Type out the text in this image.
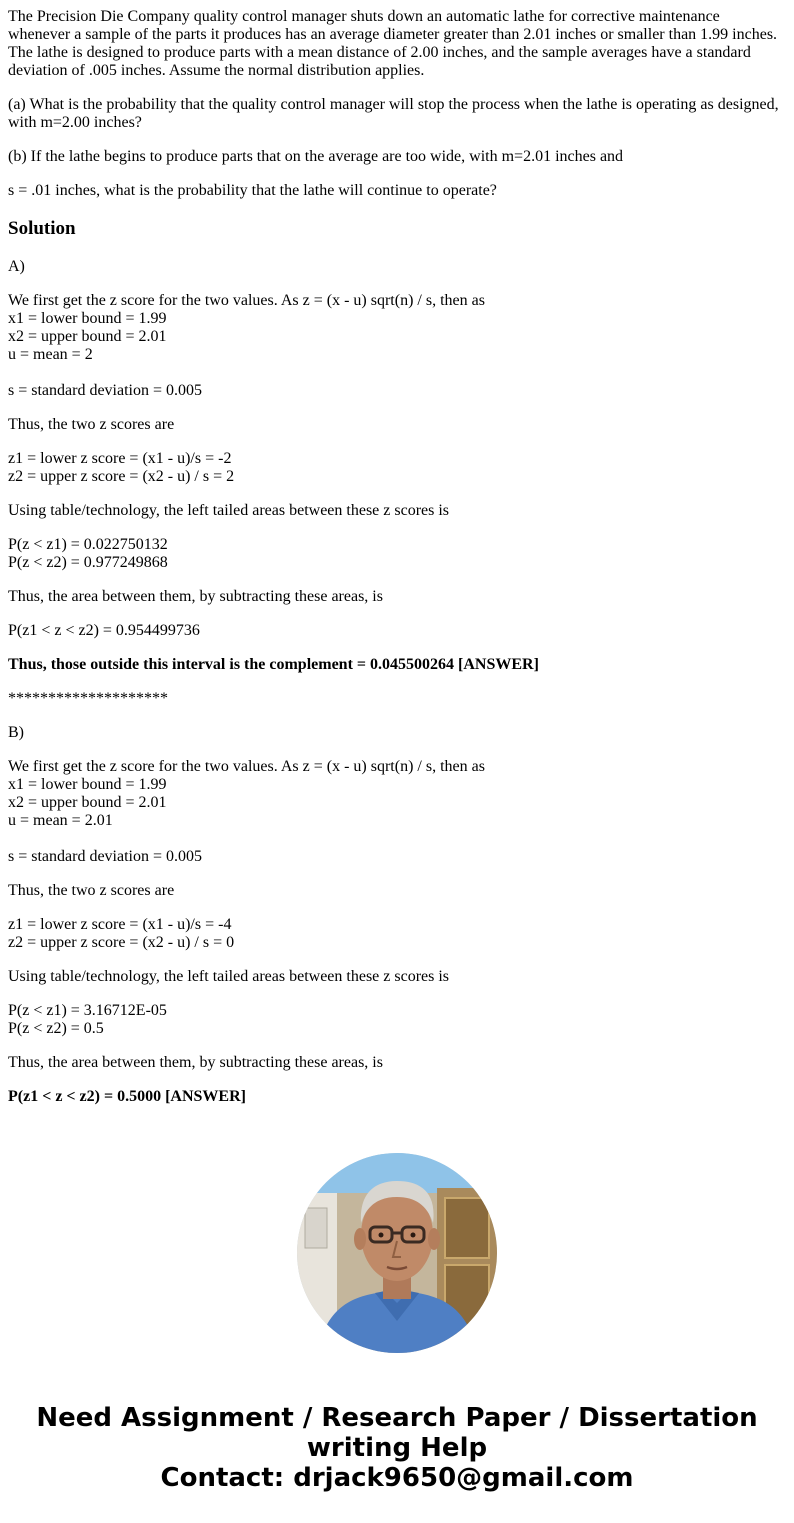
The Precision Die Company quality control manager shuts down an automatic lathe for corrective maintenance whenever a sample of the parts it produces has an average diameter greater than 2.01 inches or smaller than 1.99 inches. The lathe is designed to produce parts with a mean distance of 2.00 inches, and the sample averages have a standard deviation of .005 inches. Assume the normal distribution applies.

(a) What is the probability that the quality control manager will stop the process when the lathe is operating as designed, with m=2.00 inches?

(b) If the lathe begins to produce parts that on the average are too wide, with m=2.01 inches and

s = .01 inches, what is the probability that the lathe will continue to operate?

Solution

A)

We first get the z score for the two values. As z = (x - u) sqrt(n) / s, then as
x1 = lower bound = 1.99
x2 = upper bound = 2.01
u = mean = 2
s = standard deviation = 0.005

Thus, the two z scores are

z1 = lower z score = (x1 - u)/s = -2
z2 = upper z score = (x2 - u) / s = 2

Using table/technology, the left tailed areas between these z scores is

P(z < z1) = 0.022750132
P(z < z2) = 0.977249868

Thus, the area between them, by subtracting these areas, is

P(z1 < z < z2) = 0.954499736

Thus, those outside this interval is the complement = 0.045500264 [ANSWER]

********************

B)

We first get the z score for the two values. As z = (x - u) sqrt(n) / s, then as
x1 = lower bound = 1.99
x2 = upper bound = 2.01
u = mean = 2.01
s = standard deviation = 0.005

Thus, the two z scores are

z1 = lower z score = (x1 - u)/s = -4
z2 = upper z score = (x2 - u) / s = 0

Using table/technology, the left tailed areas between these z scores is

P(z < z1) = 3.16712E-05
P(z < z2) = 0.5

Thus, the area between them, by subtracting these areas, is

P(z1 < z < z2) = 0.5000 [ANSWER]

Need Assignment / Research Paper / Dissertation
writing Help
Contact: drjack9650@gmail.com
